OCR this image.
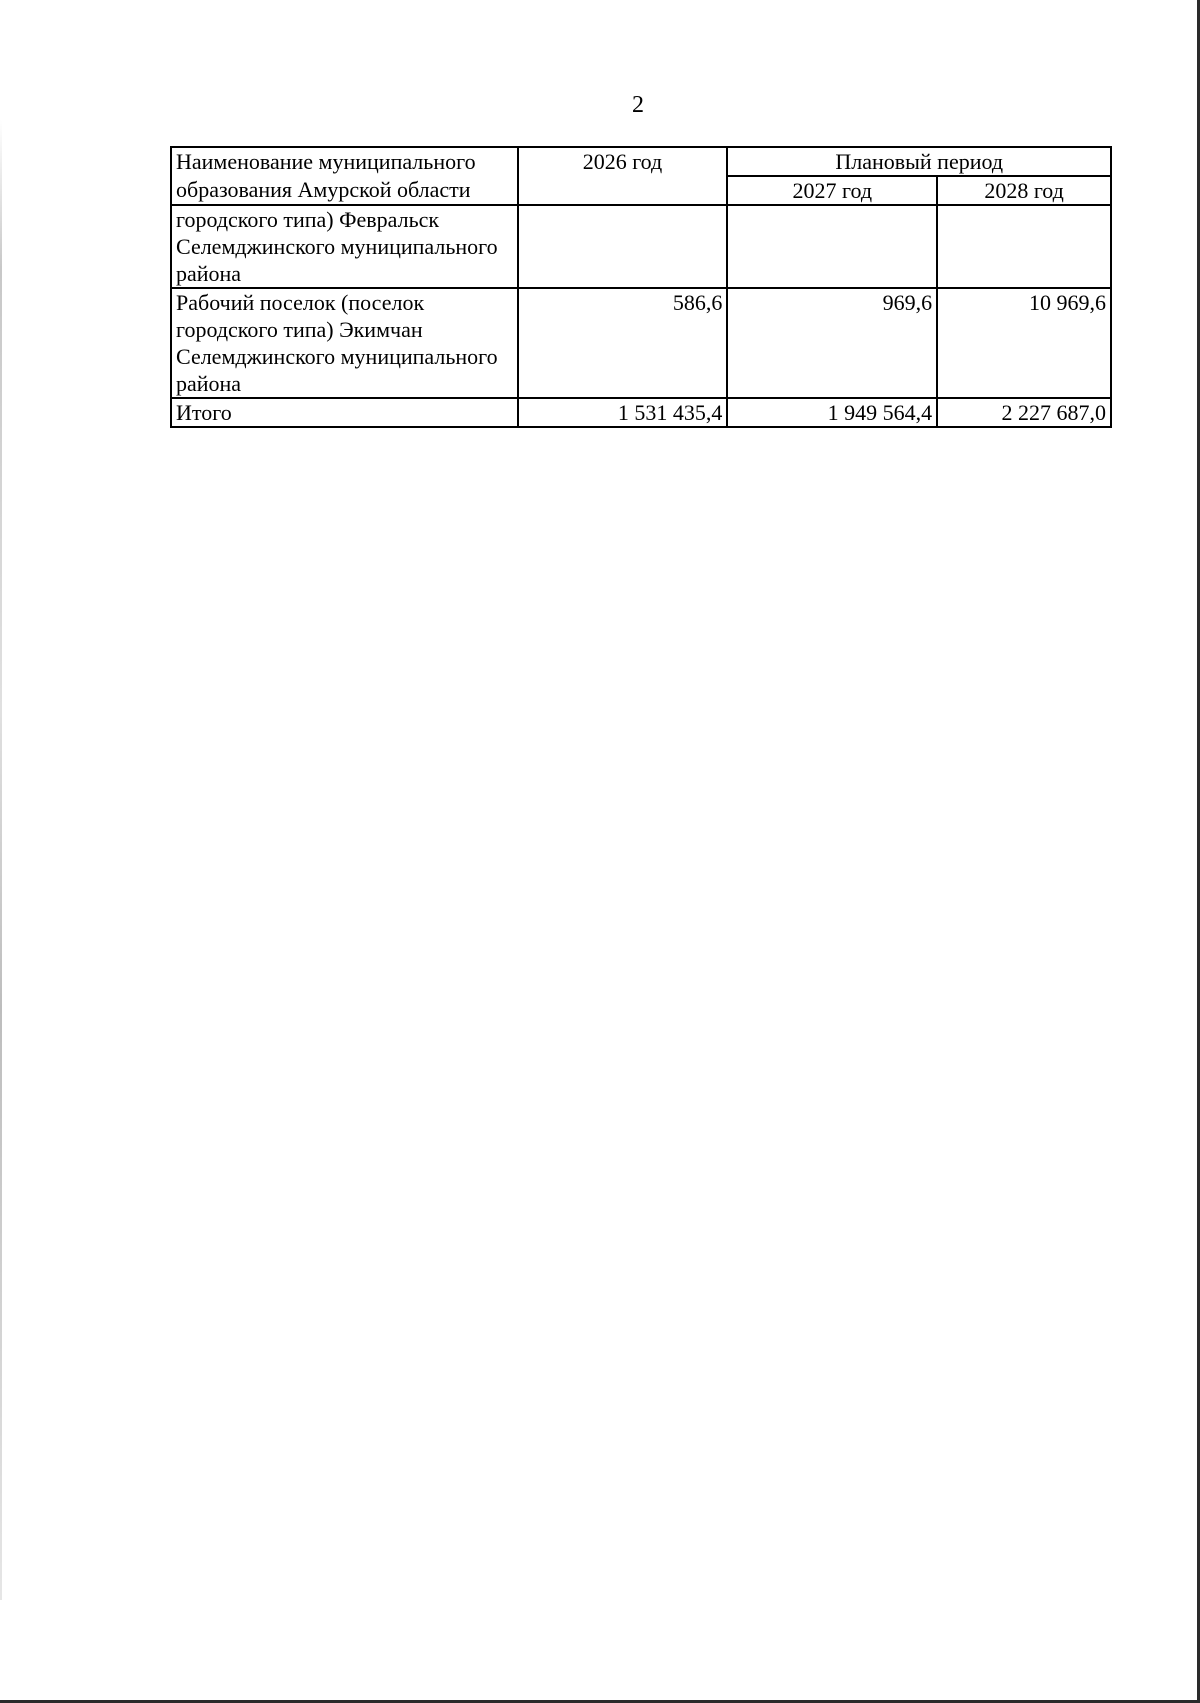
2
Наименование муниципального образования Амурской области	2026 год	Плановый период	
		2027 год	2028 год
городского типа) Февральск Селемджинского муниципального района			
Рабочий поселок (поселок городского типа) Экимчан Селемджинского муниципального района	586,6	969,6	10 969,6
Итого	1 531 435,4	1 949 564,4	2 227 687,0
